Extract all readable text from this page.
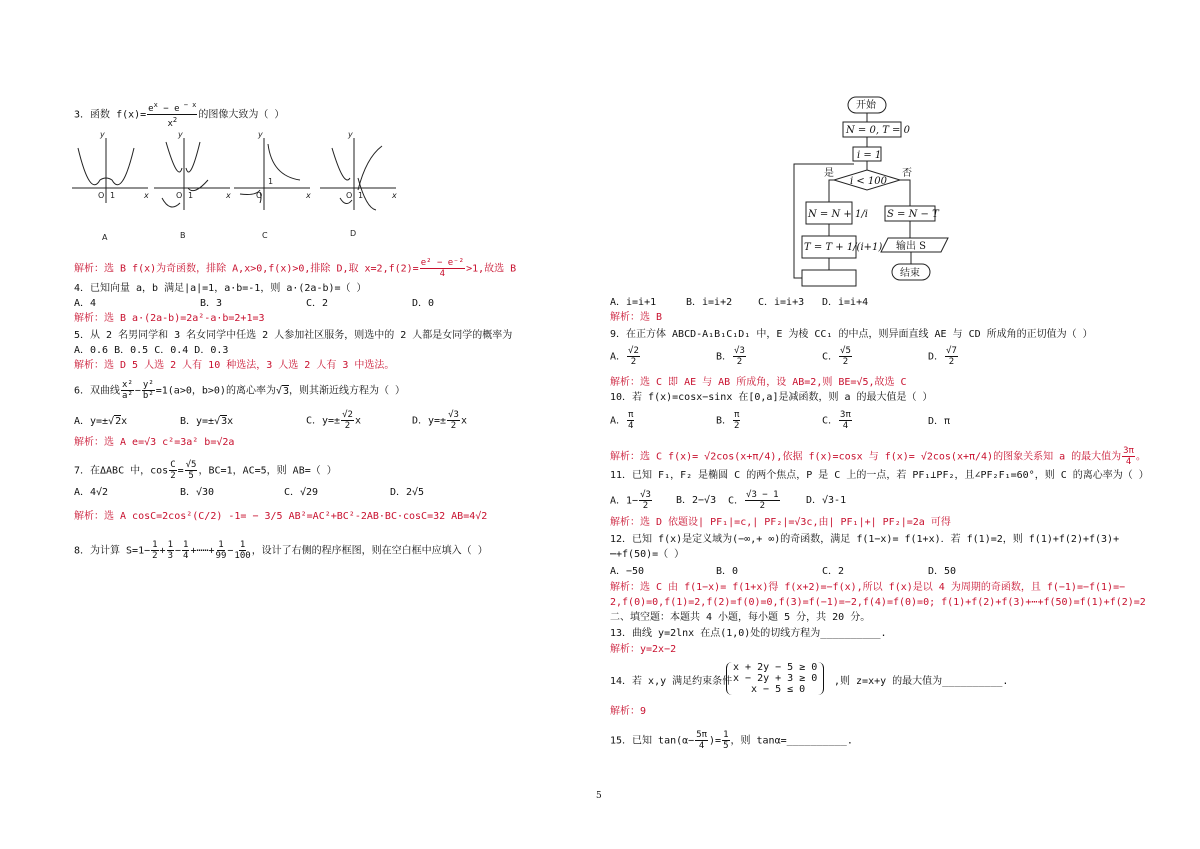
3．函数 $f(x)= \frac{e^x - e ^{- x}}{x^2}$ 的图像大致为（ ）
A	B	C	D
y
x
O 1
y
x
O 1
y
x
O
1
y
x
O 1
解析：选 B f(x)为奇函数，排除 A,x>0,f(x)>0,排除 D,取 $x=2,f(2)= \frac{\text{e² − e⁻²}}{4} >1$,故选 B
4．已知向量 a，b 满足|a|=1，a·b=-1，则 a·(2a-b)=（ ）
A．4	B．3	C．2	D．0
解析：选 B a·(2a-b)=2a²-a·b=2+1=3
5．从 2 名男同学和 3 名女同学中任选 2 人参加社区服务，则选中的 2 人都是女同学的概率为
A．0.6 B．0.5 C．0.4 D．0.3
解析：选 D 5 人选 2 人有 10 种选法，3 人选 2 人有 3 中选法。
6．双曲线 $\frac{\text{x²}}{\text{a²}} - \frac{\text{y²}}{\text{b²}} =1(a>0$，b>0)的离心率为√3，则其渐近线方程为（ ）
A．y=±√2x	B．y=±√3x	C．$y=\pm \frac{√2}{2}$ x	D．$y=\pm \frac{√3}{2}$ x
解析：选 A e=√3 c²=3a² b=√2a
7．在ΔABC 中，$\cos \frac{C}{2} = \frac{√5}{5}$ ，BC=1，AC=5，则 AB=（ ）
A．4√2	B．√30	C．√29	D．2√5
解析：选 A cosC=2cos²(C/2) -1= − 3/5 AB²=AC²+BC²-2AB·BC·cosC=32 AB=4√2
8．为计算 $S=1- \frac{1}{2} + \frac{1}{3} - \frac{1}{4}$ +⋯⋯+ $\frac{1}{99} - \frac{1}{100}$ ，设计了右侧的程序框图，则在空白框中应填入（ ）
开始
N = 0, T = 0
i = 1
i < 100
是	否
N = N + 1/i S = N − T
T = T + 1/(i+1) 输出 S
结束
A．i=i+1	B．i=i+2	C．i=i+3 D．i=i+4
解析：选 B
9．在正方体 ABCD-A₁B₁C₁D₁ 中，E 为棱 CC₁ 的中点，则异面直线 AE 与 CD 所成角的正切值为（ ）
A． $\frac{√2}{2}$	B． $\frac{√3}{2}$	C． $\frac{√5}{2}$	D． $\frac{√7}{2}$
解析：选 C 即 AE 与 AB 所成角，设 AB=2,则 BE=√5,故选 C
10．若 f(x)=cosx−sinx 在[0,a]是减函数，则 a 的最大值是（ ）
A． $\frac{\pi}{4}$	B． $\frac{\pi}{2}$	C． $\frac{3\pi}{4}$	D．π
解析：选 C f(x)= √2cos(x+π/4),依据 f(x)=cosx 与 f(x)= √2cos(x+π/4)的图象关系知 a 的最大值为 $\frac{3\pi}{4}$ 。
11．已知 F₁，F₂ 是椭圆 C 的两个焦点，P 是 C 上的一点，若 PF₁⊥PF₂，且∠PF₂F₁=60°，则 C 的离心率为（ ）
A．$1- \frac{√3}{2}$ B．2−√3 C． $\frac{√3 - 1}{2}$	D．√3-1
解析：选 D 依题设| PF₁|=c,| PF₂|=√3c,由| PF₁|+| PF₂|=2a 可得
12．已知 f(x)是定义域为(−∞,+ ∞)的奇函数，满足 f(1−x)= f(1+x)．若 f(1)=2，则 f(1)+f(2)+f(3)+
⋯+f(50)=（ ）
A．−50	B．0	C．2	D．50
解析：选 C 由 f(1−x)= f(1+x)得 f(x+2)=−f(x),所以 f(x)是以 4 为周期的奇函数，且 f(−1)=−f(1)=−
2,f(0)=0,f(1)=2,f(2)=f(0)=0,f(3)=f(−1)=−2,f(4)=f(0)=0; f(1)+f(2)+f(3)+⋯+f(50)=f(1)+f(2)=2
二、填空题：本题共 4 小题，每小题 5 分，共 20 分。
13．曲线 y=2lnx 在点(1,0)处的切线方程为__________.
解析：y=2x−2
14．若 x,y 满足约束条件
x + 2y − 5 ≥ 0
x − 2y + 3 ≥ 0
x − 5 ≤ 0
,则 z=x+y 的最大值为__________.
解析：9
15．已知 $\tan(\alpha- \frac{5\pi}{4}$ )= $\frac{1}{5}$ ，则 tanα=__________.
5
